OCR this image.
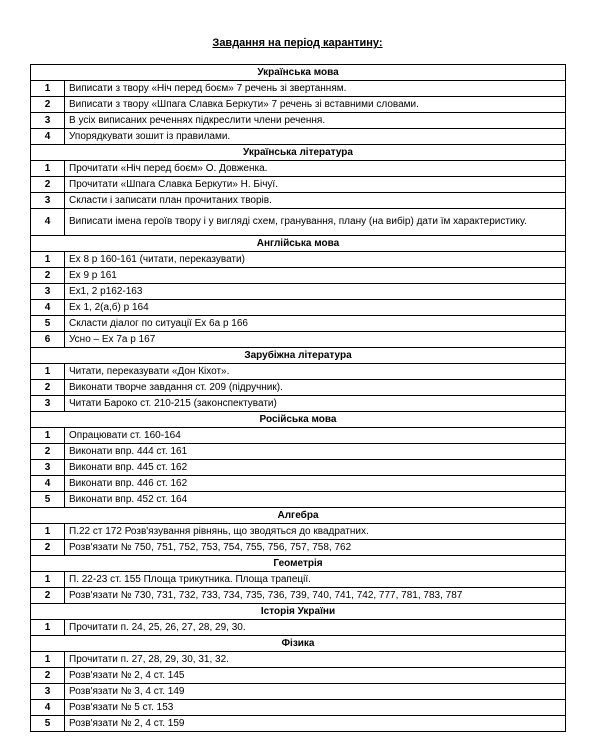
Завдання на період карантину:
Українська мова	
1	Виписати з твору «Ніч перед боєм» 7 речень зі звертанням.
2	Виписати з твору «Шпага Славка Беркути» 7 речень зі вставними словами.
3	В усіх виписаних реченнях підкреслити члени речення.
4	Упорядкувати зошит із правилами.
Українська література	
1	Прочитати «Ніч перед боєм» О. Довженка.
2	Прочитати «Шпага Славка Беркути» Н. Бічуї.
3	Скласти і записати план прочитаних творів.
4	Виписати імена героїв твору і у вигляді схем, гранування, плану (на вибір) дати їм характеристику.
Англійська мова	
1	Ex 8 p 160-161 (читати, переказувати)
2	Ex 9 p 161
3	Ex1, 2 p162-163
4	Ex 1, 2(а,б) p 164
5	Скласти діалог по ситуації Ex 6a p 166
6	Усно – Ex 7a p 167
Зарубіжна література	
1	Читати, переказувати «Дон Кіхот».
2	Виконати творче завдання ст. 209 (підручник).
3	Читати Бароко ст. 210-215 (законспектувати)
Російська мова	
1	Опрацювати ст. 160-164
2	Виконати впр. 444 ст. 161
3	Виконати впр. 445 ст. 162
4	Виконати впр. 446 ст. 162
5	Виконати впр. 452 ст. 164
Алгебра	
1	П.22 ст 172 Розв'язування рівнянь, що зводяться до квадратних.
2	Розв'язати № 750, 751, 752, 753, 754, 755, 756, 757, 758, 762
Геометрія	
1	П. 22-23 ст. 155 Площа трикутника. Площа трапеції.
2	Розв'язати № 730, 731, 732, 733, 734, 735, 736, 739, 740, 741, 742, 777, 781, 783, 787
Історія України	
1	Прочитати п. 24, 25, 26, 27, 28, 29, 30.
Фізика	
1	Прочитати п. 27, 28, 29, 30, 31, 32.
2	Розв'язати № 2, 4 ст. 145
3	Розв'язати № 3, 4 ст. 149
4	Розв'язати № 5 ст. 153
5	Розв'язати № 2, 4 ст. 159
